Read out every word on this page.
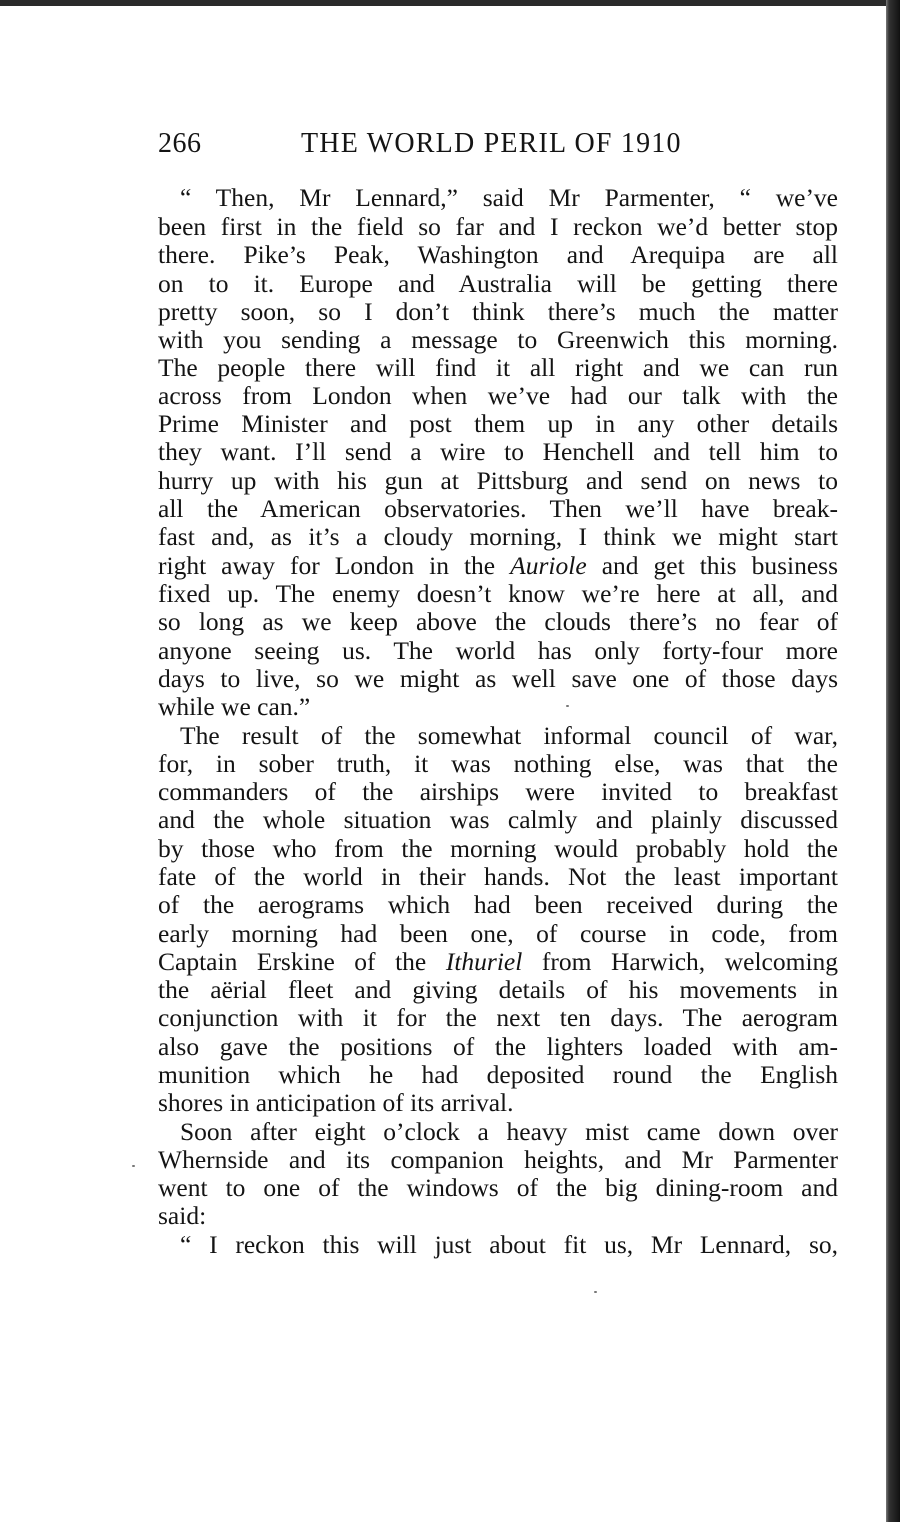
266	THE WORLD PERIL OF 1910
“ Then, Mr Lennard,” said Mr Parmenter, “ we’ve
been first in the field so far and I reckon we’d better stop
there. Pike’s Peak, Washington and Arequipa are all
on to it. Europe and Australia will be getting there
pretty soon, so I don’t think there’s much the matter
with you sending a message to Greenwich this morning.
The people there will find it all right and we can run
across from London when we’ve had our talk with the
Prime Minister and post them up in any other details
they want. I’ll send a wire to Henchell and tell him to
hurry up with his gun at Pittsburg and send on news to
all the American observatories. Then we’ll have break-
fast and, as it’s a cloudy morning, I think we might start
right away for London in the Auriole and get this business
fixed up. The enemy doesn’t know we’re here at all, and
so long as we keep above the clouds there’s no fear of
anyone seeing us. The world has only forty-four more
days to live, so we might as well save one of those days
while we can.”
The result of the somewhat informal council of war,
for, in sober truth, it was nothing else, was that the
commanders of the airships were invited to breakfast
and the whole situation was calmly and plainly discussed
by those who from the morning would probably hold the
fate of the world in their hands. Not the least important
of the aerograms which had been received during the
early morning had been one, of course in code, from
Captain Erskine of the Ithuriel from Harwich, welcoming
the aërial fleet and giving details of his movements in
conjunction with it for the next ten days. The aerogram
also gave the positions of the lighters loaded with am-
munition which he had deposited round the English
shores in anticipation of its arrival.
Soon after eight o’clock a heavy mist came down over
Whernside and its companion heights, and Mr Parmenter
went to one of the windows of the big dining-room and
said:
“ I reckon this will just about fit us, Mr Lennard, so,
